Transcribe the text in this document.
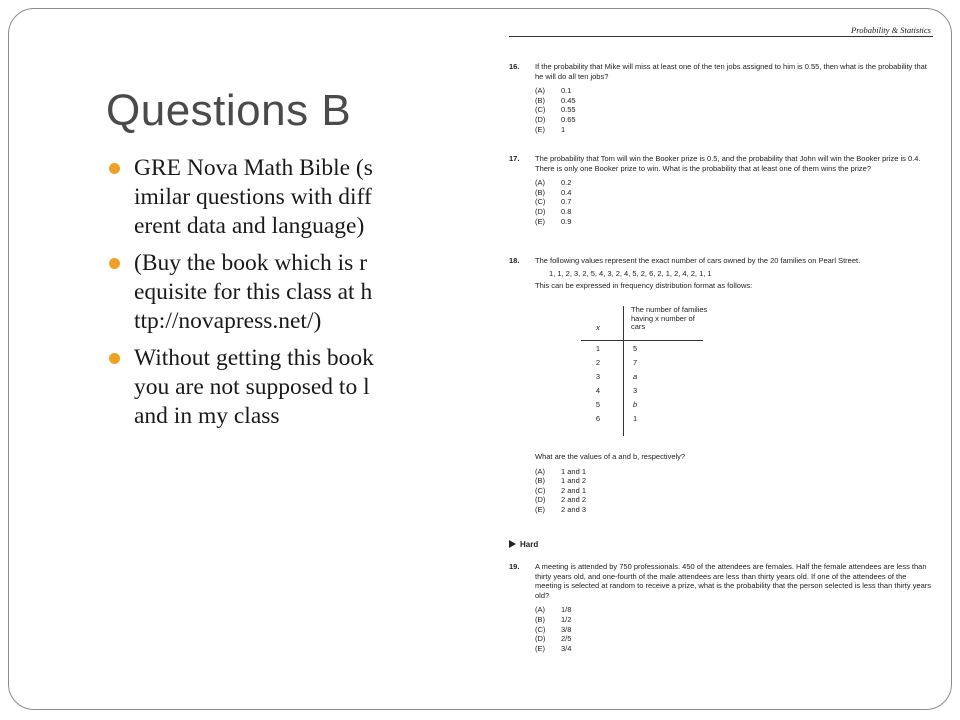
Questions B
GRE Nova Math Bible (similar questions with different data and language)
(Buy the book which is requisite for this class at http://novapress.net/)
Without getting this book you are not supposed to land in my class
Probability & Statistics
16. If the probability that Mike will miss at least one of the ten jobs assigned to him is 0.55, then what is the probability that he will do all ten jobs?

(A)	0.1
(B)	0.45
(C)	0.55
(D)	0.65
(E)	1
17. The probability that Tom will win the Booker prize is 0.5, and the probability that John will win the Booker prize is 0.4. There is only one Booker prize to win. What is the probability that at least one of them wins the prize?

(A)	0.2
(B)	0.4
(C)	0.7
(D)	0.8
(E)	0.9
18. The following values represent the exact number of cars owned by the 20 families on Pearl Street.

1, 1, 2, 3, 2, 5, 4, 3, 2, 4, 5, 2, 6, 2, 1, 2, 4, 2, 1, 1
This can be expressed in frequency distribution format as follows:
x
The number of families having x number of cars
1	5
2	7
3	a
4	3
5	b
6	1

What are the values of a and b, respectively?

(A)	1 and 1
(B)	1 and 2
(C)	2 and 1
(D)	2 and 2
(E)	2 and 3
Hard
19. A meeting is attended by 750 professionals. 450 of the attendees are females. Half the female attendees are less than thirty years old, and one-fourth of the male attendees are less than thirty years old. If one of the attendees of the meeting is selected at random to receive a prize, what is the probability that the person selected is less than thirty years old?

(A)	1/8
(B)	1/2
(C)	3/8
(D)	2/5
(E)	3/4
